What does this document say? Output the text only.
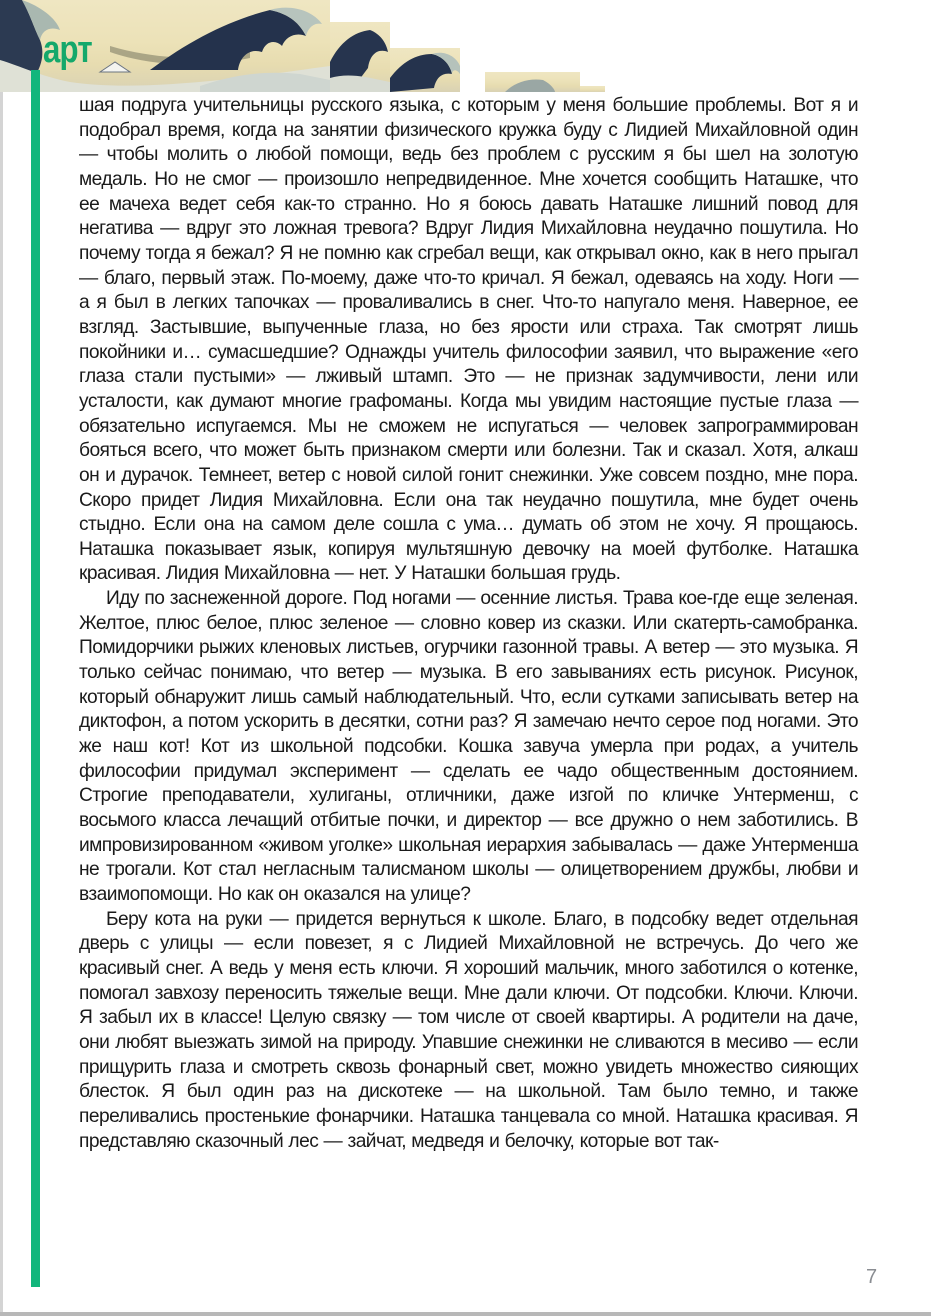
арт

шая подруга учительницы русского языка, с которым у меня большие проблемы. Вот я и подобрал время, когда на занятии физического кружка буду с Лидией Михайловной один — чтобы молить о любой помощи, ведь без проблем с русским я бы шел на золотую медаль. Но не смог — произошло непредвиденное. Мне хочется сообщить Наташке, что ее мачеха ведет себя как-то странно. Но я боюсь давать Наташке лишний повод для негатива — вдруг это ложная тревога? Вдруг Лидия Михайловна неудачно пошутила. Но почему тогда я бежал? Я не помню как сгребал вещи, как открывал окно, как в него прыгал — благо, первый этаж. По-моему, даже что-то кричал. Я бежал, одеваясь на ходу. Ноги — а я был в легких тапочках — проваливались в снег. Что-то напугало меня. Наверное, ее взгляд. Застывшие, выпученные глаза, но без ярости или страха. Так смотрят лишь покойники и… сумасшедшие? Однажды учитель философии заявил, что выражение «его глаза стали пустыми» — лживый штамп. Это — не признак задумчивости, лени или усталости, как думают многие графоманы. Когда мы увидим настоящие пустые глаза — обязательно испугаемся. Мы не сможем не испугаться — человек запрограммирован бояться всего, что может быть признаком смерти или болезни. Так и сказал. Хотя, алкаш он и дурачок. Темнеет, ветер с новой силой гонит снежинки. Уже совсем поздно, мне пора. Скоро придет Лидия Михайловна. Если она так неудачно пошутила, мне будет очень стыдно. Если она на самом деле сошла с ума… думать об этом не хочу. Я прощаюсь. Наташка показывает язык, копируя мультяшную девочку на моей футболке. Наташка красивая. Лидия Михайловна — нет. У Наташки большая грудь.

Иду по заснеженной дороге. Под ногами — осенние листья. Трава кое-где еще зеленая. Желтое, плюс белое, плюс зеленое — словно ковер из сказки. Или скатерть-самобранка. Помидорчики рыжих кленовых листьев, огурчики газонной травы. А ветер — это музыка. Я только сейчас понимаю, что ветер — музыка. В его завываниях есть рисунок. Рисунок, который обнаружит лишь самый наблюдательный. Что, если сутками записывать ветер на диктофон, а потом ускорить в десятки, сотни раз? Я замечаю нечто серое под ногами. Это же наш кот! Кот из школьной подсобки. Кошка завуча умерла при родах, а учитель философии придумал эксперимент — сделать ее чадо общественным достоянием. Строгие преподаватели, хулиганы, отличники, даже изгой по кличке Унтерменш, с восьмого класса лечащий отбитые почки, и директор — все дружно о нем заботились. В импровизированном «живом уголке» школьная иерархия забывалась — даже Унтерменша не трогали. Кот стал негласным талисманом школы — олицетворением дружбы, любви и взаимопомощи. Но как он оказался на улице?

Беру кота на руки — придется вернуться к школе. Благо, в подсобку ведет отдельная дверь с улицы — если повезет, я с Лидией Михайловной не встречусь. До чего же красивый снег. А ведь у меня есть ключи. Я хороший мальчик, много заботился о котенке, помогал завхозу переносить тяжелые вещи. Мне дали ключи. От подсобки. Ключи. Ключи. Я забыл их в классе! Целую связку — том числе от своей квартиры. А родители на даче, они любят выезжать зимой на природу. Упавшие снежинки не сливаются в месиво — если прищурить глаза и смотреть сквозь фонарный свет, можно увидеть множество сияющих блесток. Я был один раз на дискотеке — на школьной. Там было темно, и также переливались простенькие фонарчики. Наташка танцевала со мной. Наташка красивая. Я представляю сказочный лес — зайчат, медведя и белочку, которые вот так-

7
